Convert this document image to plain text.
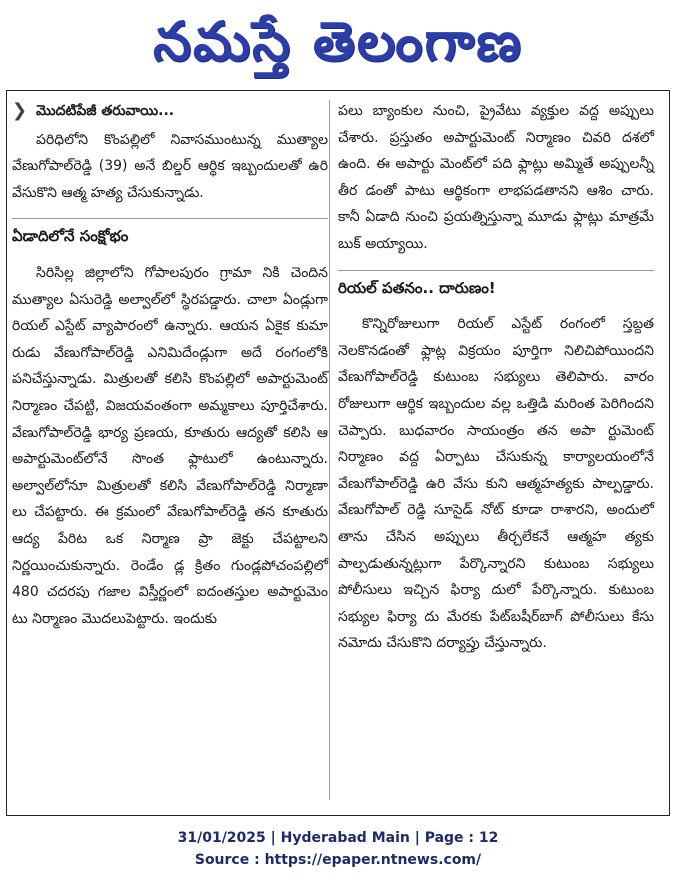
నమస్తే తెలంగాణ

❯ మొదటిపేజీ తరువాయి...

పరిధిలోని కొంపల్లిలో నివాసముంటున్న ముత్యాల వేణుగోపాల్‌రెడ్డి (39) అనే బిల్డర్ ఆర్థిక ఇబ్బందులతో ఉరి వేసుకొని ఆత్మ హత్య చేసుకున్నాడు.

ఏడాదిలోనే సంక్షోభం

సిరిసిల్ల జిల్లాలోని గోపాలపురం గ్రామా నికి చెందిన ముత్యాల ఏసురెడ్డి అల్వాల్‌లో స్థిరపడ్డారు. చాలా ఏండ్లుగా రియల్ ఎస్టేట్ వ్యాపారంలో ఉన్నారు. ఆయన ఏకైక కుమా రుడు వేణుగోపాల్‌రెడ్డి ఎనిమిదేండ్లుగా అదే రంగంలోకి పనిచేస్తున్నాడు. మిత్రులతో కలిసి కొంపల్లిలో అపార్టుమెంట్ నిర్మాణం చేపట్టి, విజయవంతంగా అమ్మకాలు పూర్తిచేశారు. వేణుగోపాల్‌రెడ్డి భార్య ప్రణయ, కూతురు ఆద్యతో కలిసి ఆ అపార్టుమెంట్‌లోనే సొంత ఫ్లాటులో ఉంటున్నారు. అల్వాల్‌లోనూ మిత్రులతో కలిసి వేణుగోపాల్‌రెడ్డి నిర్మాణా లు చేపట్టారు. ఈ క్రమంలో వేణుగోపాల్‌రెడ్డి తన కూతురు ఆద్య పేరిట ఒక నిర్మాణ ప్రా జెక్టు చేపట్టాలని నిర్ణయించుకున్నారు. రెండేం డ్ల క్రితం గుండ్లపోచంపల్లిలో 480 చదరపు గజాల విస్తీర్ణంలో ఐదంతస్తుల అపార్టుమెం టు నిర్మాణం మొదలుపెట్టారు. ఇందుకు

పలు బ్యాంకుల నుంచి, ప్రైవేటు వ్యక్తుల వద్ద అప్పులు చేశారు. ప్రస్తుతం అపార్టుమెంట్ నిర్మాణం చివరి దశలో ఉంది. ఈ అపార్టు మెంట్‌లో పది ఫ్లాట్లు అమ్మితే అప్పులన్నీ తీర డంతో పాటు ఆర్థికంగా లాభపడతానని ఆశిం చారు. కానీ ఏడాది నుంచి ప్రయత్నిస్తున్నా మూడు ఫ్లాట్లు మాత్రమే బుక్ అయ్యాయి.

రియల్ పతనం.. దారుణం!

కొన్నిరోజులుగా రియల్ ఎస్టేట్ రంగంలో స్తబ్దత నెలకొనడంతో ఫ్లాట్ల విక్రయం పూర్తిగా నిలిచిపోయిందని వేణుగోపాల్‌రెడ్డి కుటుంబ సభ్యులు తెలిపారు. వారం రోజులుగా ఆర్థిక ఇబ్బందుల వల్ల ఒత్తిడి మరింత పెరిగిందని చెప్పారు. బుధవారం సాయంత్రం తన అపా ర్టుమెంట్ నిర్మాణం వద్ద ఏర్పాటు చేసుకున్న కార్యాలయంలోనే వేణుగోపాల్‌రెడ్డి ఉరి వేసు కుని ఆత్మహత్యకు పాల్పడ్డారు. వేణుగోపాల్ రెడ్డి సూసైడ్ నోట్ కూడా రాశారని, అందులో తాను చేసిన అప్పులు తీర్చలేకనే ఆత్మహ త్యకు పాల్పడుతున్నట్లుగా పేర్కొన్నారని కుటుంబ సభ్యులు పోలీసులు ఇచ్చిన ఫిర్యా దులో పేర్కొన్నారు. కుటుంబ సభ్యుల ఫిర్యా దు మేరకు పేట్‌బషీర్‌బాగ్ పోలీసులు కేసు నమోదు చేసుకొని దర్యాప్తు చేస్తున్నారు.

31/01/2025 | Hyderabad Main | Page : 12
Source : https://epaper.ntnews.com/
